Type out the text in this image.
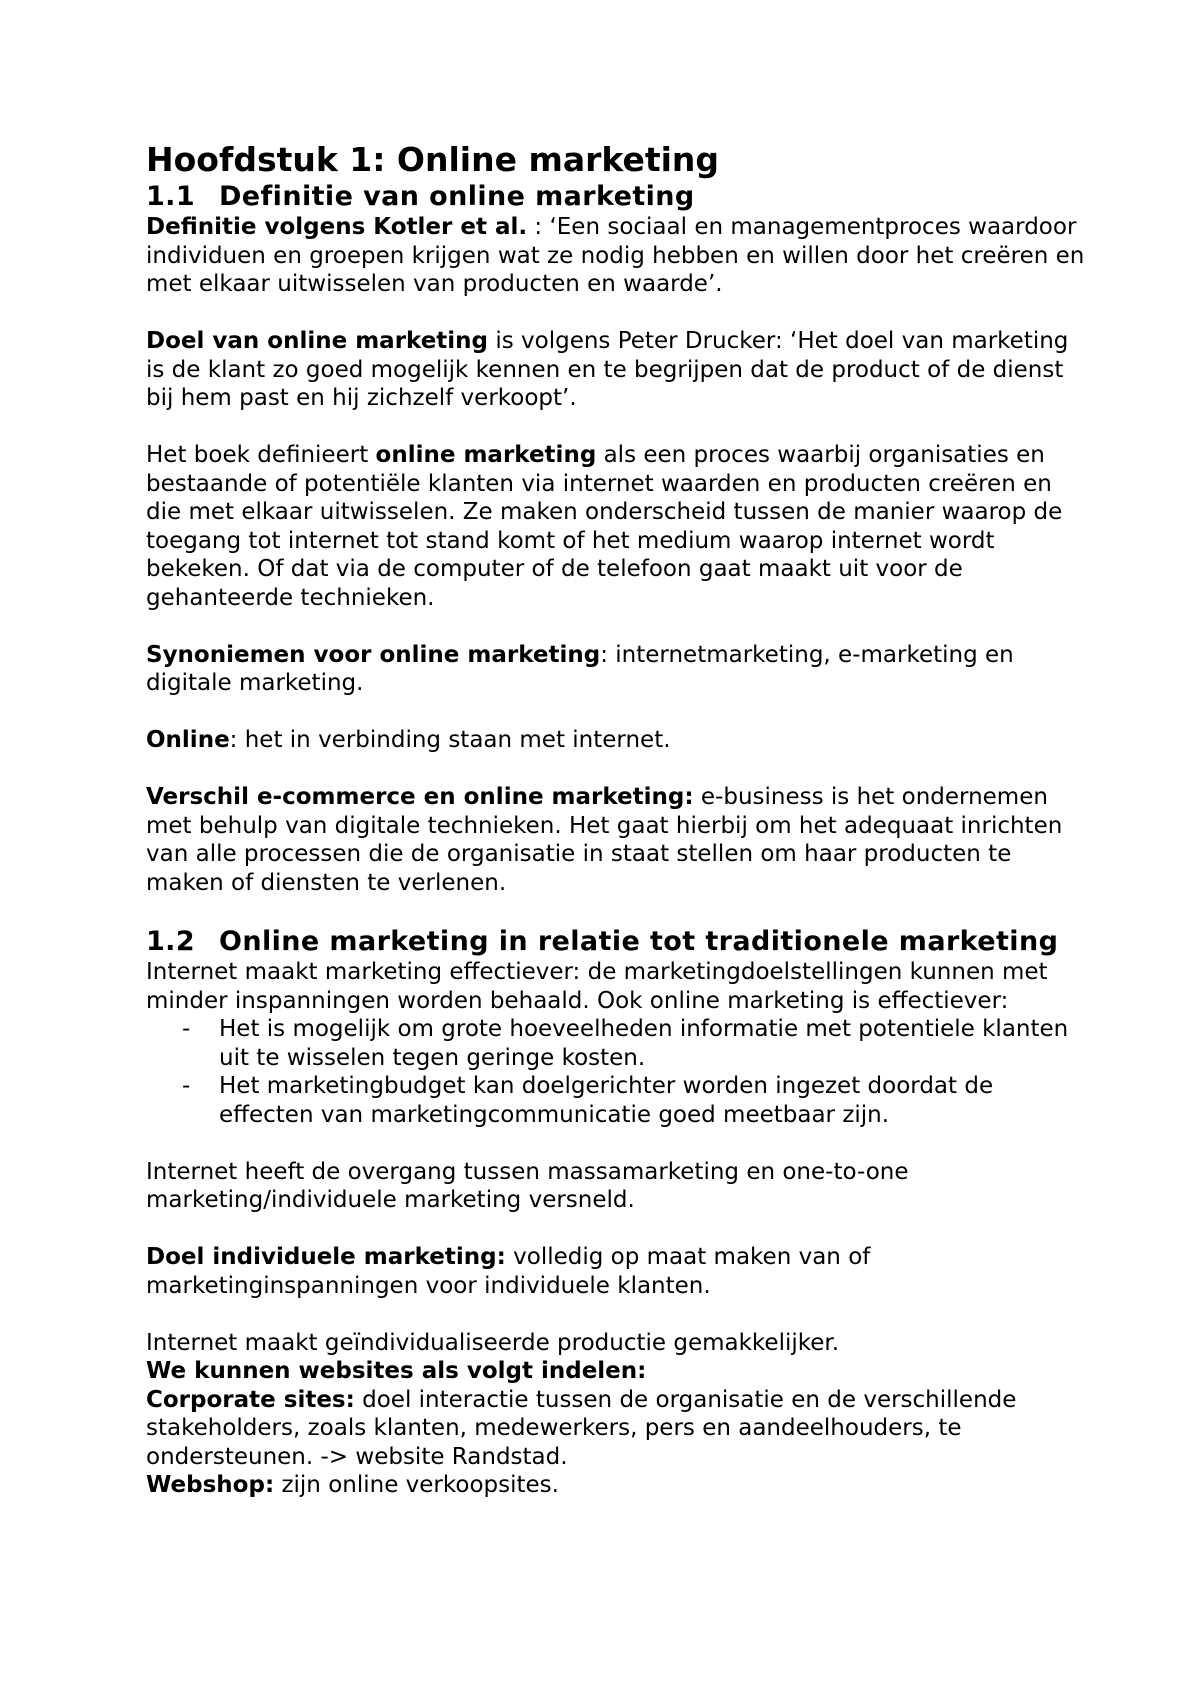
Hoofdstuk 1: Online marketing
1.1 Definitie van online marketing

Definitie volgens Kotler et al. : ‘Een sociaal en managementproces waardoor individuen en groepen krijgen wat ze nodig hebben en willen door het creëren en met elkaar uitwisselen van producten en waarde’.

Doel van online marketing is volgens Peter Drucker: ‘Het doel van marketing is de klant zo goed mogelijk kennen en te begrijpen dat de product of de dienst bij hem past en hij zichzelf verkoopt’.

Het boek definieert online marketing als een proces waarbij organisaties en bestaande of potentiële klanten via internet waarden en producten creëren en die met elkaar uitwisselen. Ze maken onderscheid tussen de manier waarop de toegang tot internet tot stand komt of het medium waarop internet wordt bekeken. Of dat via de computer of de telefoon gaat maakt uit voor de gehanteerde technieken.

Synoniemen voor online marketing: internetmarketing, e-marketing en digitale marketing.

Online: het in verbinding staan met internet.

Verschil e-commerce en online marketing: e-business is het ondernemen met behulp van digitale technieken. Het gaat hierbij om het adequaat inrichten van alle processen die de organisatie in staat stellen om haar producten te maken of diensten te verlenen.

1.2 Online marketing in relatie tot traditionele marketing

Internet maakt marketing effectiever: de marketingdoelstellingen kunnen met minder inspanningen worden behaald. Ook online marketing is effectiever:

- Het is mogelijk om grote hoeveelheden informatie met potentiele klanten uit te wisselen tegen geringe kosten.
- Het marketingbudget kan doelgerichter worden ingezet doordat de effecten van marketingcommunicatie goed meetbaar zijn.

Internet heeft de overgang tussen massamarketing en one-to-one marketing/individuele marketing versneld.

Doel individuele marketing: volledig op maat maken van of marketinginspanningen voor individuele klanten.

Internet maakt geïndividualiseerde productie gemakkelijker.

We kunnen websites als volgt indelen:

Corporate sites: doel interactie tussen de organisatie en de verschillende stakeholders, zoals klanten, medewerkers, pers en aandeelhouders, te ondersteunen. -> website Randstad.

Webshop: zijn online verkoopsites.
